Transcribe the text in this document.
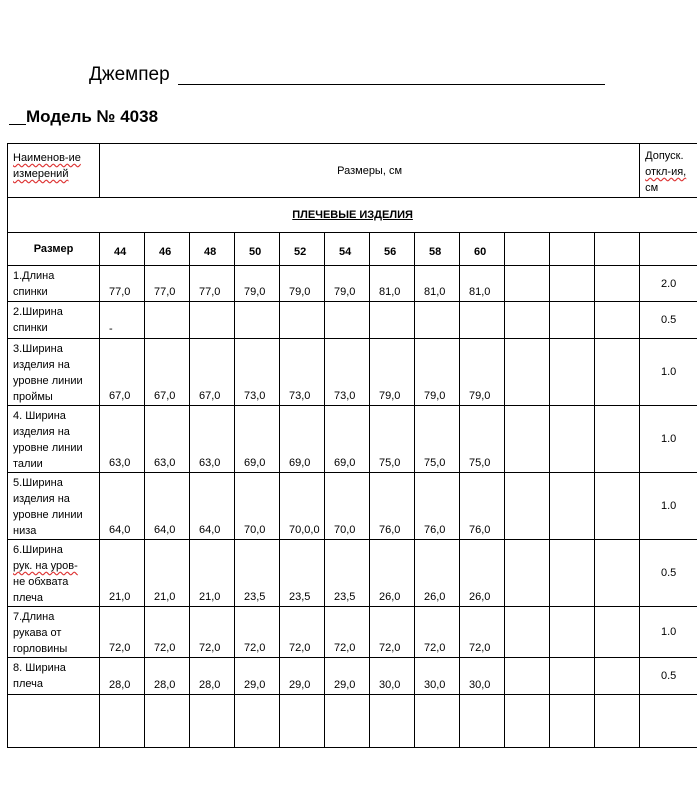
Джемпер
Модель № 4038
Наименов-ие
измерений	Размеры, см												Допуск.
откл-ия,
см
ПЛЕЧЕВЫЕ ИЗДЕЛИЯ													
Размер	44	46	48	50	52	54	56	58	60				
1.Длина
спинки	77,0	77,0	77,0	79,0	79,0	79,0	81,0	81,0	81,0				2.0
2.Ширина
спинки	-												0.5
3.Ширина
изделия на
уровне линии
проймы	67,0	67,0	67,0	73,0	73,0	73,0	79,0	79,0	79,0				1.0
4. Ширина
изделия на
уровне линии
талии	63,0	63,0	63,0	69,0	69,0	69,0	75,0	75,0	75,0				1.0
5.Ширина
изделия на
уровне линии
низа	64,0	64,0	64,0	70,0	70,0,0	70,0	76,0	76,0	76,0				1.0
6.Ширина
рук. на уров-
не обхвата
плеча	21,0	21,0	21,0	23,5	23,5	23,5	26,0	26,0	26,0				0.5
7.Длина
рукава от
горловины	72,0	72,0	72,0	72,0	72,0	72,0	72,0	72,0	72,0				1.0
8. Ширина
плеча	28,0	28,0	28,0	29,0	29,0	29,0	30,0	30,0	30,0				0.5
